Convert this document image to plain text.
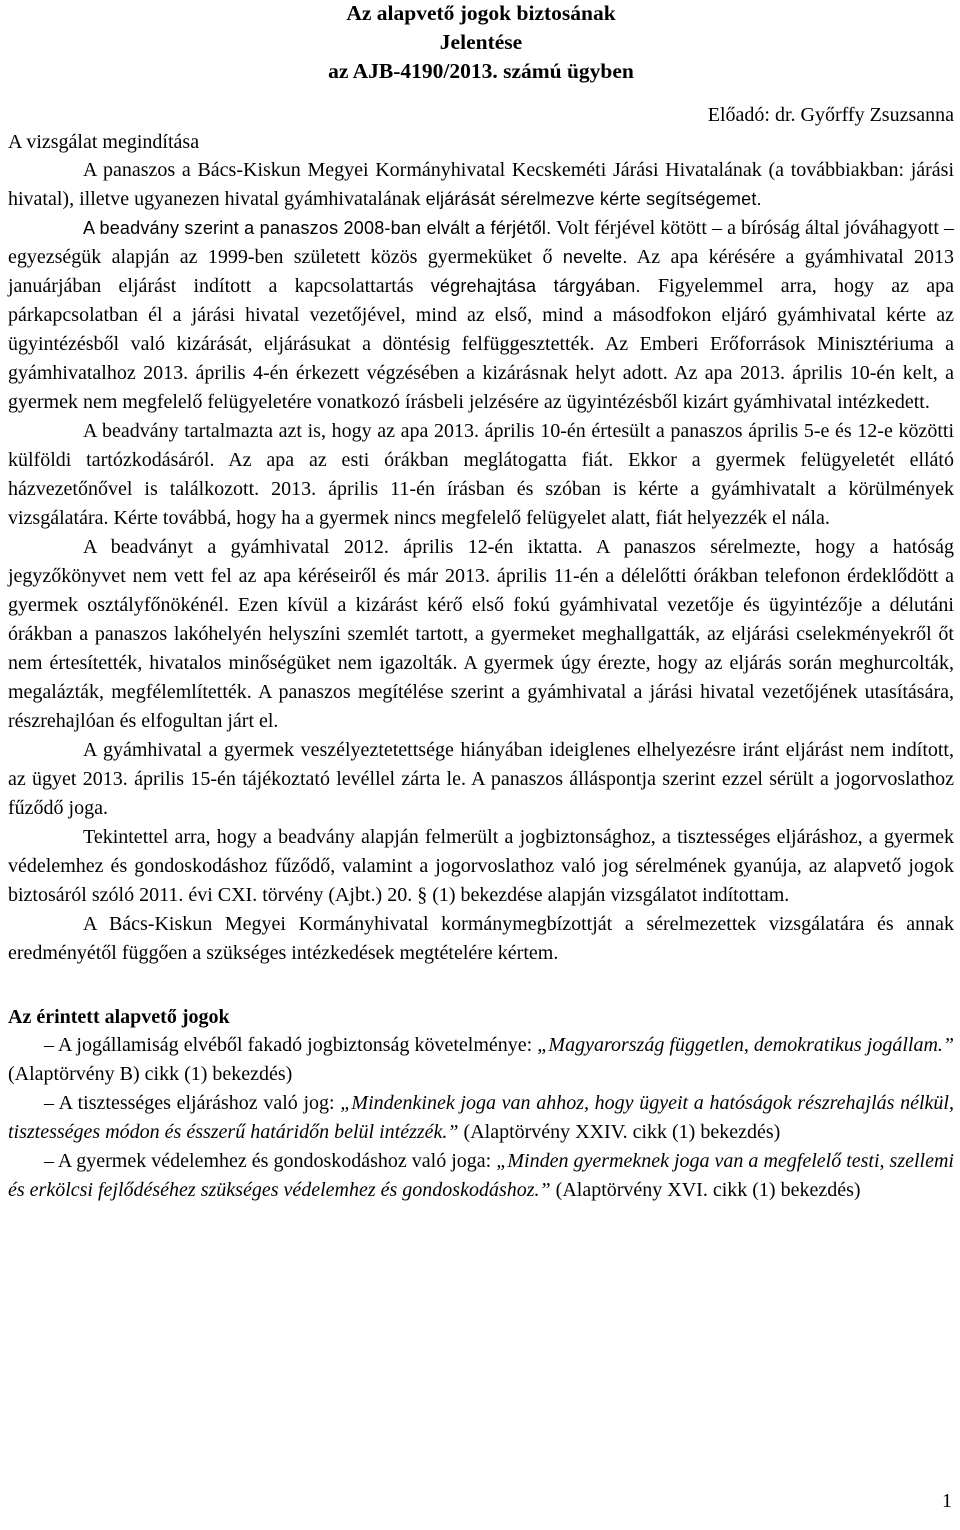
Az alapvető jogok biztosának
Jelentése
az AJB-4190/2013. számú ügyben
Előadó: dr. Győrffy Zsuzsanna
A vizsgálat megindítása

A panaszos a Bács-Kiskun Megyei Kormányhivatal Kecskeméti Járási Hivatalának (a továbbiakban: járási hivatal), illetve ugyanezen hivatal gyámhivatalának eljárását sérelmezve kérte segítségemet.

A beadvány szerint a panaszos 2008-ban elvált a férjétől. Volt férjével kötött – a bíróság által jóváhagyott – egyezségük alapján az 1999-ben született közös gyermeküket ő nevelte. Az apa kérésére a gyámhivatal 2013 januárjában eljárást indított a kapcsolattartás végrehajtása tárgyában. Figyelemmel arra, hogy az apa párkapcsolatban él a járási hivatal vezetőjével, mind az első, mind a másodfokon eljáró gyámhivatal kérte az ügyintézésből való kizárását, eljárásukat a döntésig felfüggesztették. Az Emberi Erőforrások Minisztériuma a gyámhivatalhoz 2013. április 4-én érkezett végzésében a kizárásnak helyt adott. Az apa 2013. április 10-én kelt, a gyermek nem megfelelő felügyeletére vonatkozó írásbeli jelzésére az ügyintézésből kizárt gyámhivatal intézkedett.

A beadvány tartalmazta azt is, hogy az apa 2013. április 10-én értesült a panaszos április 5-e és 12-e közötti külföldi tartózkodásáról. Az apa az esti órákban meglátogatta fiát. Ekkor a gyermek felügyeletét ellátó házvezetőnővel is találkozott. 2013. április 11-én írásban és szóban is kérte a gyámhivatalt a körülmények vizsgálatára. Kérte továbbá, hogy ha a gyermek nincs megfelelő felügyelet alatt, fiát helyezzék el nála.

A beadványt a gyámhivatal 2012. április 12-én iktatta. A panaszos sérelmezte, hogy a hatóság jegyzőkönyvet nem vett fel az apa kéréseiről és már 2013. április 11-én a délelőtti órákban telefonon érdeklődött a gyermek osztályfőnökénél. Ezen kívül a kizárást kérő első fokú gyámhivatal vezetője és ügyintézője a délutáni órákban a panaszos lakóhelyén helyszíni szemlét tartott, a gyermeket meghallgatták, az eljárási cselekményekről őt nem értesítették, hivatalos minőségüket nem igazolták. A gyermek úgy érezte, hogy az eljárás során meghurcolták, megalázták, megfélemlítették. A panaszos megítélése szerint a gyámhivatal a járási hivatal vezetőjének utasítására, részrehajlóan és elfogultan járt el.

A gyámhivatal a gyermek veszélyeztetettsége hiányában ideiglenes elhelyezésre iránt eljárást nem indított, az ügyet 2013. április 15-én tájékoztató levéllel zárta le. A panaszos álláspontja szerint ezzel sérült a jogorvoslathoz fűződő joga.

Tekintettel arra, hogy a beadvány alapján felmerült a jogbiztonsághoz, a tisztességes eljáráshoz, a gyermek védelemhez és gondoskodáshoz fűződő, valamint a jogorvoslathoz való jog sérelmének gyanúja, az alapvető jogok biztosáról szóló 2011. évi CXI. törvény (Ajbt.) 20. § (1) bekezdése alapján vizsgálatot indítottam.

A Bács-Kiskun Megyei Kormányhivatal kormánymegbízottját a sérelmezettek vizsgálatára és annak eredményétől függően a szükséges intézkedések megtételére kértem.

Az érintett alapvető jogok

– A jogállamiság elvéből fakadó jogbiztonság követelménye: „Magyarország független, demokratikus jogállam.” (Alaptörvény B) cikk (1) bekezdés)

– A tisztességes eljáráshoz való jog: „Mindenkinek joga van ahhoz, hogy ügyeit a hatóságok részrehajlás nélkül, tisztességes módon és ésszerű határidőn belül intézzék.” (Alaptörvény XXIV. cikk (1) bekezdés)

– A gyermek védelemhez és gondoskodáshoz való joga: „Minden gyermeknek joga van a megfelelő testi, szellemi és erkölcsi fejlődéséhez szükséges védelemhez és gondoskodáshoz.” (Alaptörvény XVI. cikk (1) bekezdés)

1
